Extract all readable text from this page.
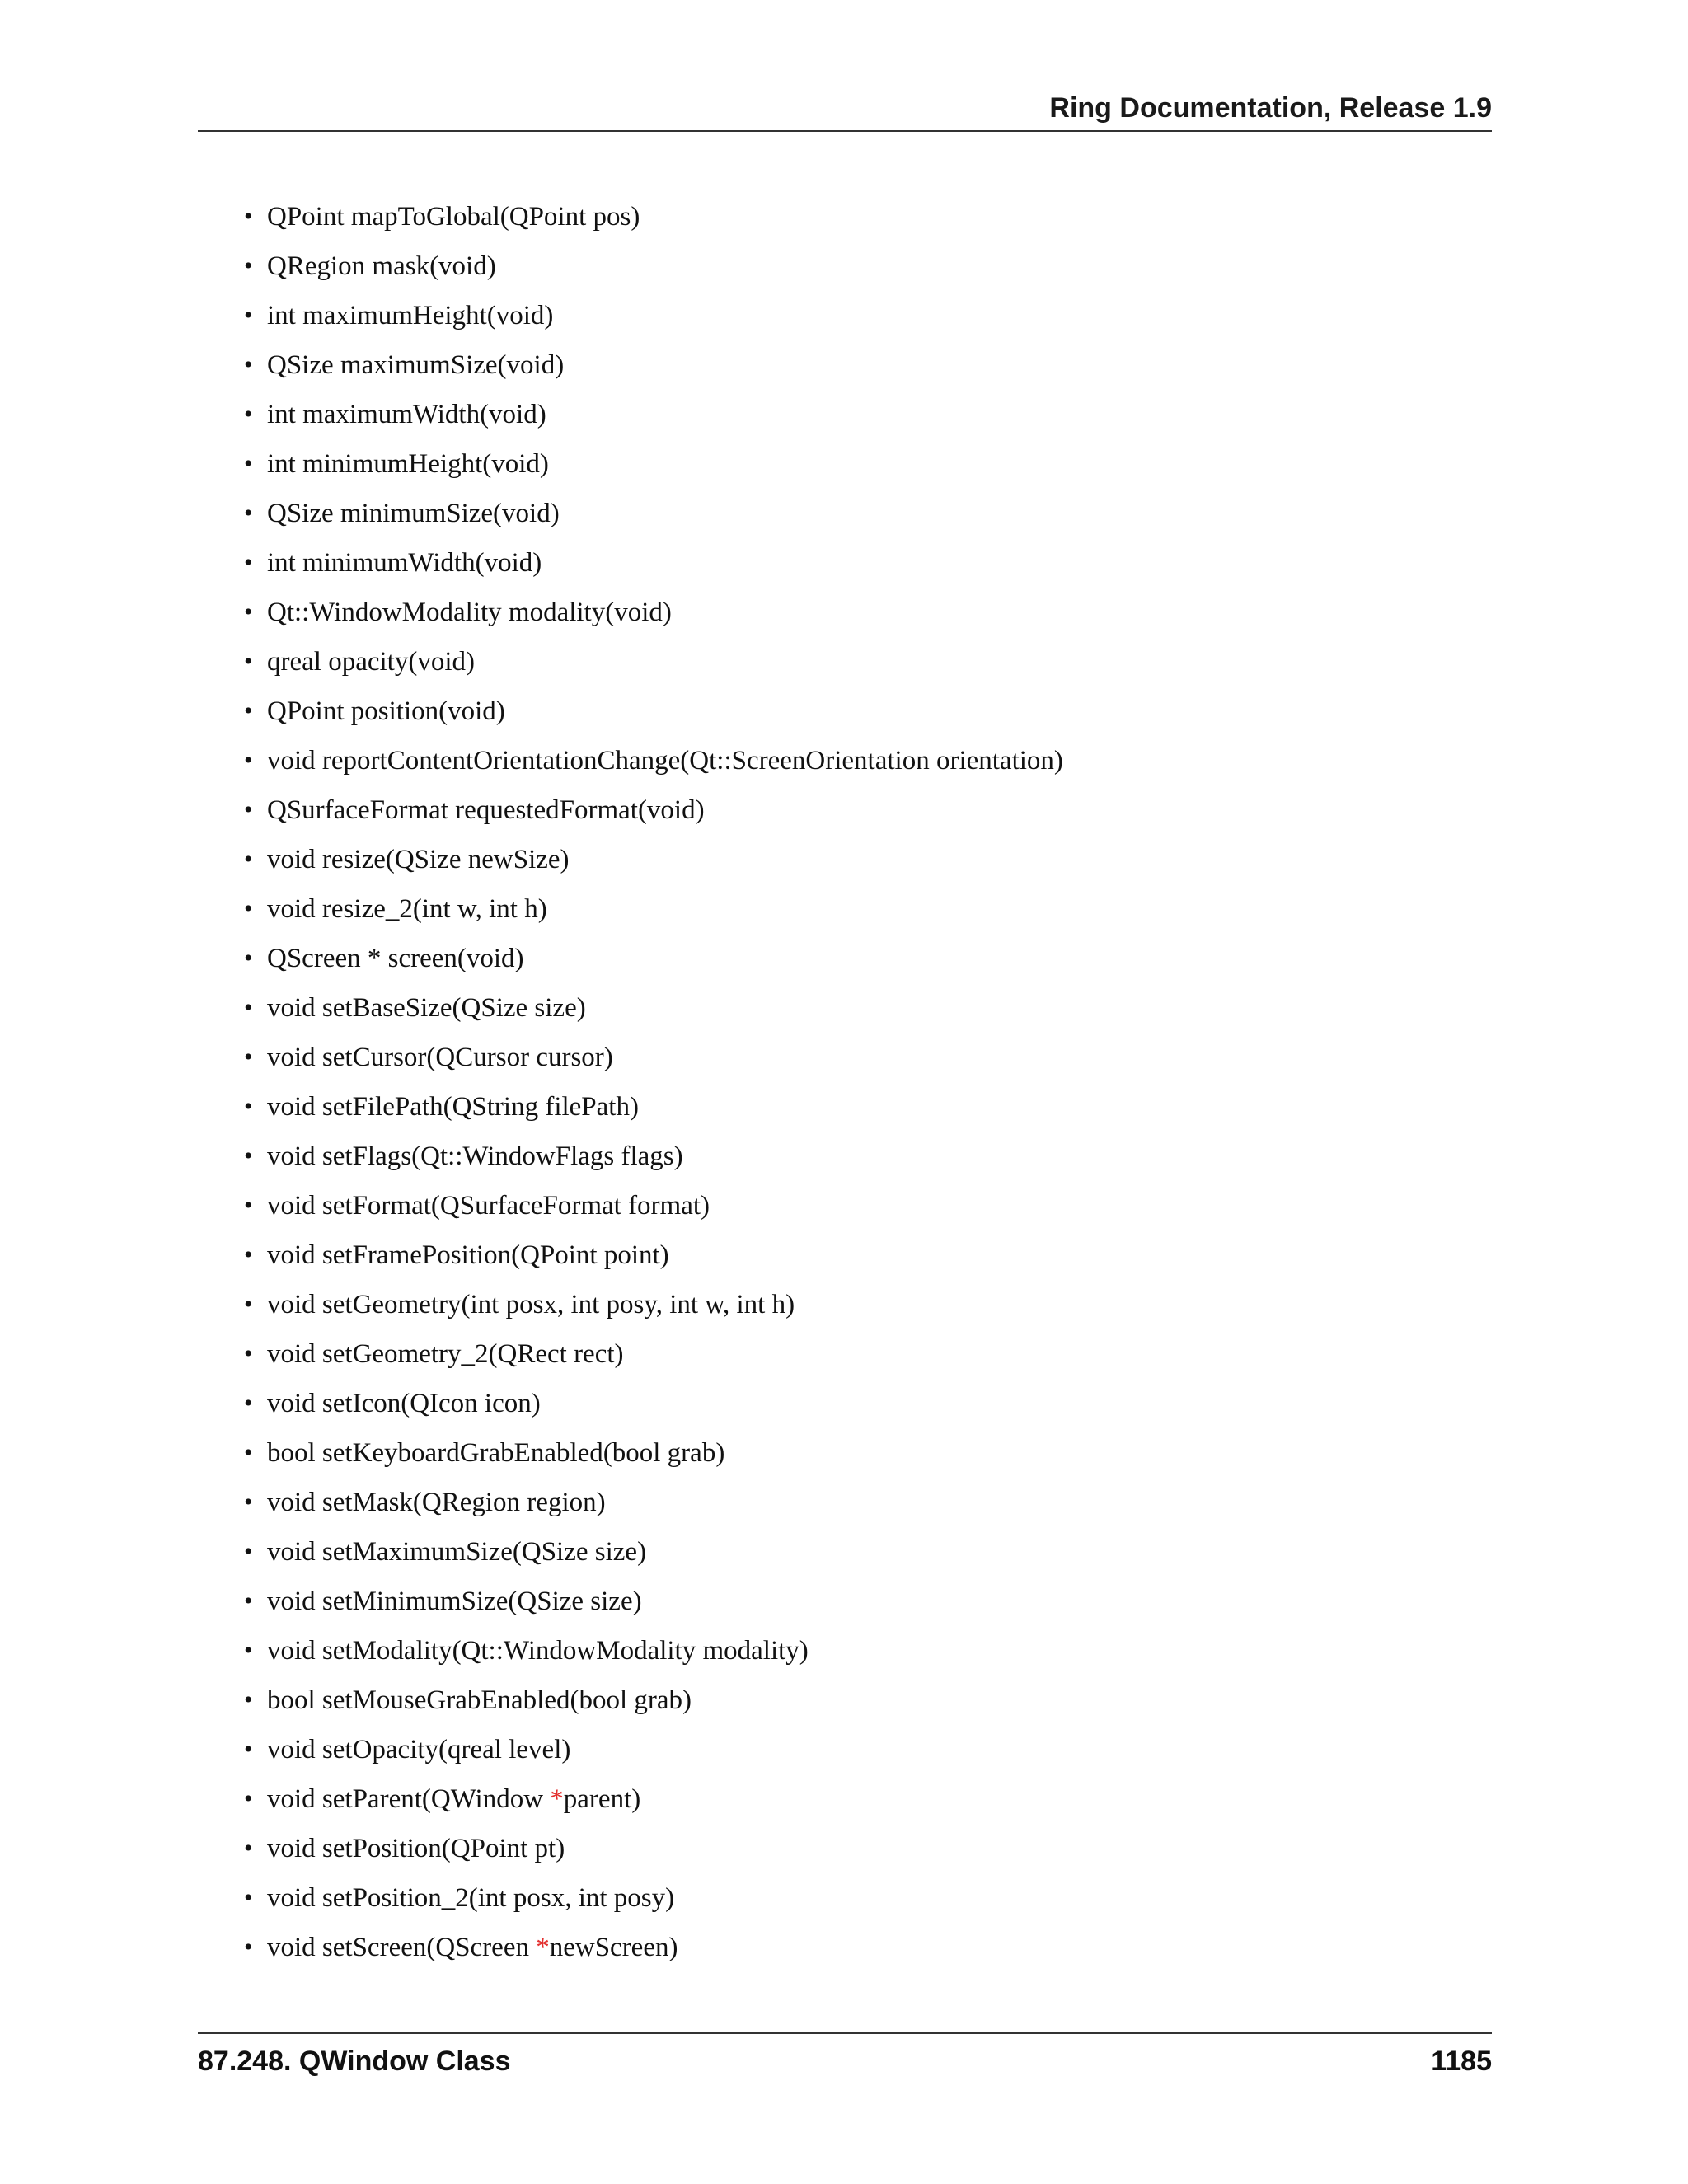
Ring Documentation, Release 1.9
• QPoint mapToGlobal(QPoint pos)
• QRegion mask(void)
• int maximumHeight(void)
• QSize maximumSize(void)
• int maximumWidth(void)
• int minimumHeight(void)
• QSize minimumSize(void)
• int minimumWidth(void)
• Qt::WindowModality modality(void)
• qreal opacity(void)
• QPoint position(void)
• void reportContentOrientationChange(Qt::ScreenOrientation orientation)
• QSurfaceFormat requestedFormat(void)
• void resize(QSize newSize)
• void resize_2(int w, int h)
• QScreen * screen(void)
• void setBaseSize(QSize size)
• void setCursor(QCursor cursor)
• void setFilePath(QString filePath)
• void setFlags(Qt::WindowFlags flags)
• void setFormat(QSurfaceFormat format)
• void setFramePosition(QPoint point)
• void setGeometry(int posx, int posy, int w, int h)
• void setGeometry_2(QRect rect)
• void setIcon(QIcon icon)
• bool setKeyboardGrabEnabled(bool grab)
• void setMask(QRegion region)
• void setMaximumSize(QSize size)
• void setMinimumSize(QSize size)
• void setModality(Qt::WindowModality modality)
• bool setMouseGrabEnabled(bool grab)
• void setOpacity(qreal level)
• void setParent(QWindow *parent)
• void setPosition(QPoint pt)
• void setPosition_2(int posx, int posy)
• void setScreen(QScreen *newScreen)
87.248. QWindow Class	1185
